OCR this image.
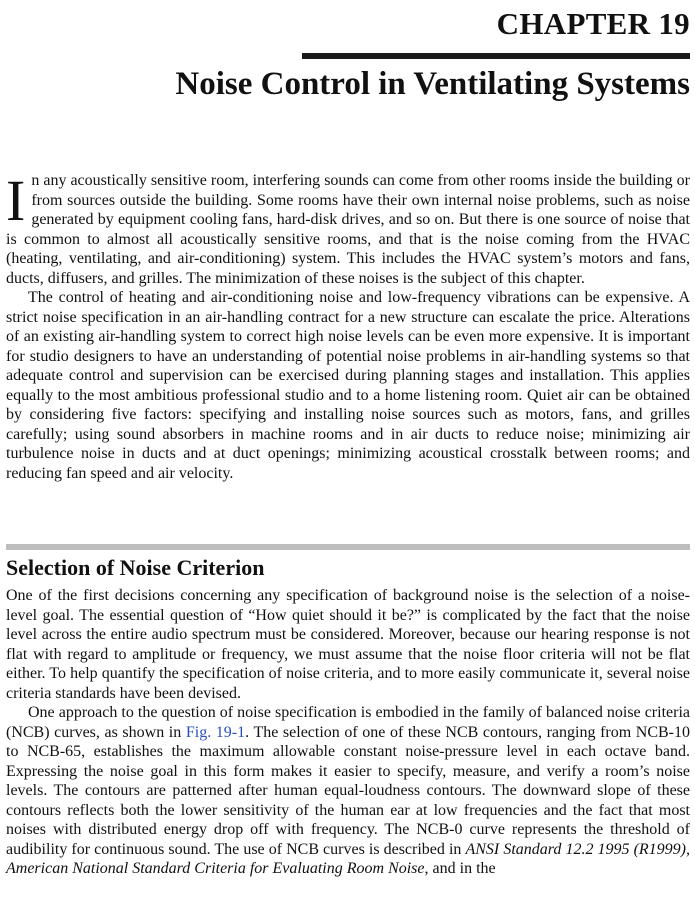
CHAPTER 19
Noise Control in Ventilating Systems

In any acoustically sensitive room, interfering sounds can come from other rooms inside the building or from sources outside the building. Some rooms have their own internal noise problems, such as noise generated by equipment cooling fans, hard-disk drives, and so on. But there is one source of noise that is common to almost all acoustically sensitive rooms, and that is the noise coming from the HVAC (heating, ventilating, and air-conditioning) system. This includes the HVAC system’s motors and fans, ducts, diffusers, and grilles. The minimization of these noises is the subject of this chapter.

The control of heating and air-conditioning noise and low-frequency vibrations can be expensive. A strict noise specification in an air-handling contract for a new structure can escalate the price. Alterations of an existing air-handling system to correct high noise levels can be even more expensive. It is important for studio designers to have an understanding of potential noise problems in air-handling systems so that adequate control and supervision can be exercised during planning stages and installation. This applies equally to the most ambitious professional studio and to a home listening room. Quiet air can be obtained by considering five factors: specifying and installing noise sources such as motors, fans, and grilles carefully; using sound absorbers in machine rooms and in air ducts to reduce noise; minimizing air turbulence noise in ducts and at duct openings; minimizing acoustical crosstalk between rooms; and reducing fan speed and air velocity.

Selection of Noise Criterion

One of the first decisions concerning any specification of background noise is the selection of a noise-level goal. The essential question of “How quiet should it be?” is complicated by the fact that the noise level across the entire audio spectrum must be considered. Moreover, because our hearing response is not flat with regard to amplitude or frequency, we must assume that the noise floor criteria will not be flat either. To help quantify the specification of noise criteria, and to more easily communicate it, several noise criteria standards have been devised.

One approach to the question of noise specification is embodied in the family of balanced noise criteria (NCB) curves, as shown in Fig. 19-1. The selection of one of these NCB contours, ranging from NCB-10 to NCB-65, establishes the maximum allowable constant noise-pressure level in each octave band. Expressing the noise goal in this form makes it easier to specify, measure, and verify a room’s noise levels. The contours are patterned after human equal-loudness contours. The downward slope of these contours reflects both the lower sensitivity of the human ear at low frequencies and the fact that most noises with distributed energy drop off with frequency. The NCB-0 curve represents the threshold of audibility for continuous sound. The use of NCB curves is described in ANSI Standard 12.2 1995 (R1999), American National Standard Criteria for Evaluating Room Noise, and in the
